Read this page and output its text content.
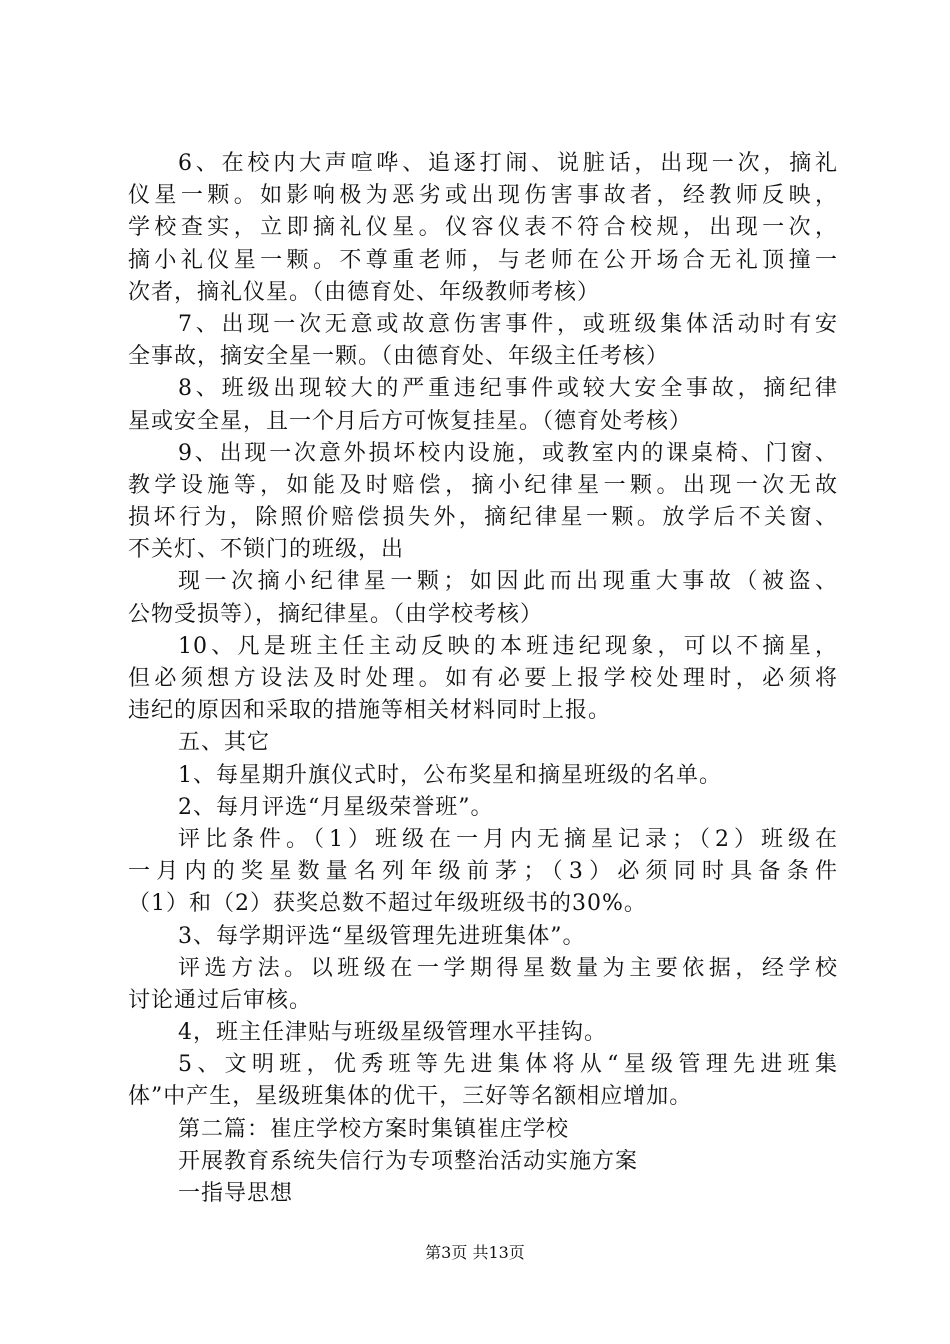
6、在校内大声喧哗、追逐打闹、说脏话，出现一次，摘礼
仪星一颗。如影响极为恶劣或出现伤害事故者，经教师反映，
学校查实，立即摘礼仪星。仪容仪表不符合校规，出现一次，
摘小礼仪星一颗。不尊重老师，与老师在公开场合无礼顶撞一
次者，摘礼仪星。（由德育处、年级教师考核）
7、出现一次无意或故意伤害事件，或班级集体活动时有安
全事故，摘安全星一颗。（由德育处、年级主任考核）
8、班级出现较大的严重违纪事件或较大安全事故，摘纪律
星或安全星，且一个月后方可恢复挂星。（德育处考核）
9、出现一次意外损坏校内设施，或教室内的课桌椅、门窗、
教学设施等，如能及时赔偿，摘小纪律星一颗。出现一次无故
损坏行为，除照价赔偿损失外，摘纪律星一颗。放学后不关窗、
不关灯、不锁门的班级，出
现一次摘小纪律星一颗；如因此而出现重大事故（被盗、
公物受损等），摘纪律星。（由学校考核）
10、凡是班主任主动反映的本班违纪现象，可以不摘星，
但必须想方设法及时处理。如有必要上报学校处理时，必须将
违纪的原因和采取的措施等相关材料同时上报。
五、其它
1、每星期升旗仪式时，公布奖星和摘星班级的名单。
2、每月评选“月星级荣誉班”。
评比条件。（1）班级在一月内无摘星记录；（2）班级在
一月内的奖星数量名列年级前茅；（3）必须同时具备条件
（1）和（2）获奖总数不超过年级班级书的30%。
3、每学期评选“星级管理先进班集体”。
评选方法。以班级在一学期得星数量为主要依据，经学校
讨论通过后审核。
4，班主任津贴与班级星级管理水平挂钩。
5、文明班，优秀班等先进集体将从“星级管理先进班集
体”中产生，星级班集体的优干，三好等名额相应增加。
第二篇：崔庄学校方案时集镇崔庄学校
开展教育系统失信行为专项整治活动实施方案
一指导思想
第3页 共13页
